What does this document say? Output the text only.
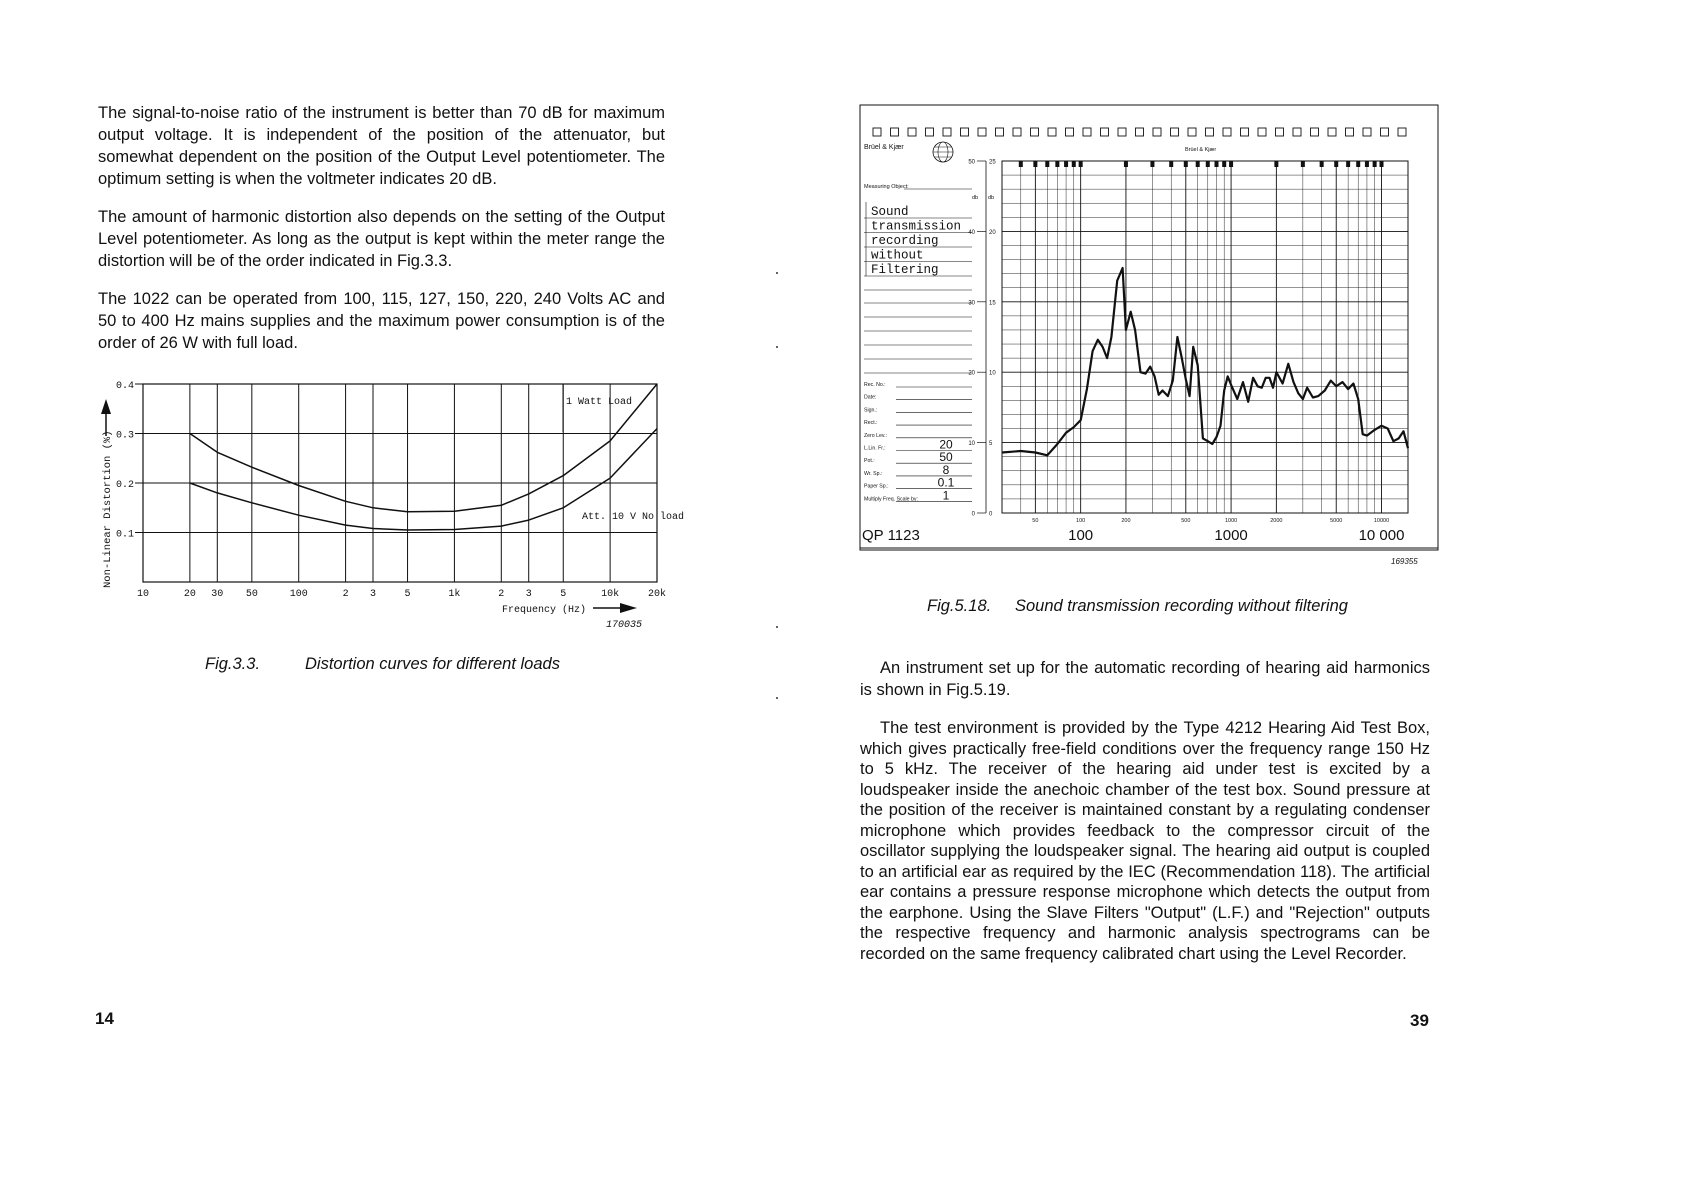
The signal-to-noise ratio of the instrument is better than 70 dB for maximum output voltage. It is independent of the position of the attenuator, but somewhat dependent on the position of the Output Level potentiometer. The optimum setting is when the voltmeter indicates 20 dB.

The amount of harmonic distortion also depends on the setting of the Output Level potentiometer. As long as the output is kept within the meter range the distortion will be of the order indicated in Fig.3.3.

The 1022 can be operated from 100, 115, 127, 150, 220, 240 Volts AC and 50 to 400 Hz mains supplies and the maximum power consumption is of the order of 26 W with full load.

10	20 30 50	100	2 3	5	1k	2 3	5	10k	20k
0.4
0.3
0.2
0.1
Non-Linear Distortion (%)
1 Watt Load
Att. 10 V No load
Frequency (Hz)
170035
Fig.3.3.	Distortion curves for different loads
14
Brüel & Kjær	Brüel & Kjær
Measuring Object:
Sound
transmission
recording
without
Filtering
Rec. No.:
Date:
Sign.:
Rect.:
Zero Lev.:
L.Lin. Fr.:	20
Pot.:	50
Wr. Sp.:	8
Paper Sp.:	0.1
Multiply Freq. Scale by: 1
50 25
40 20
30 15
20 10
10 5
0 0
db db
50	100	200	500	1000	2000	5000	10000
100	1000	10 000
QP 1123
169355
Fig.5.18. Sound transmission recording without filtering

An instrument set up for the automatic recording of hearing aid harmonics is shown in Fig.5.19.

The test environment is provided by the Type 4212 Hearing Aid Test Box, which gives practically free-field conditions over the frequency range 150 Hz to 5 kHz. The receiver of the hearing aid under test is excited by a loudspeaker inside the anechoic chamber of the test box. Sound pressure at the position of the receiver is maintained constant by a regulating condenser microphone which provides feedback to the compressor circuit of the oscillator supplying the loudspeaker signal. The hearing aid output is coupled to an artificial ear as required by the IEC (Recommendation 118). The artificial ear contains a pressure response microphone which detects the output from the earphone. Using the Slave Filters "Output" (L.F.) and "Rejection" outputs the respective frequency and harmonic analysis spectrograms can be recorded on the same frequency calibrated chart using the Level Recorder.

39
